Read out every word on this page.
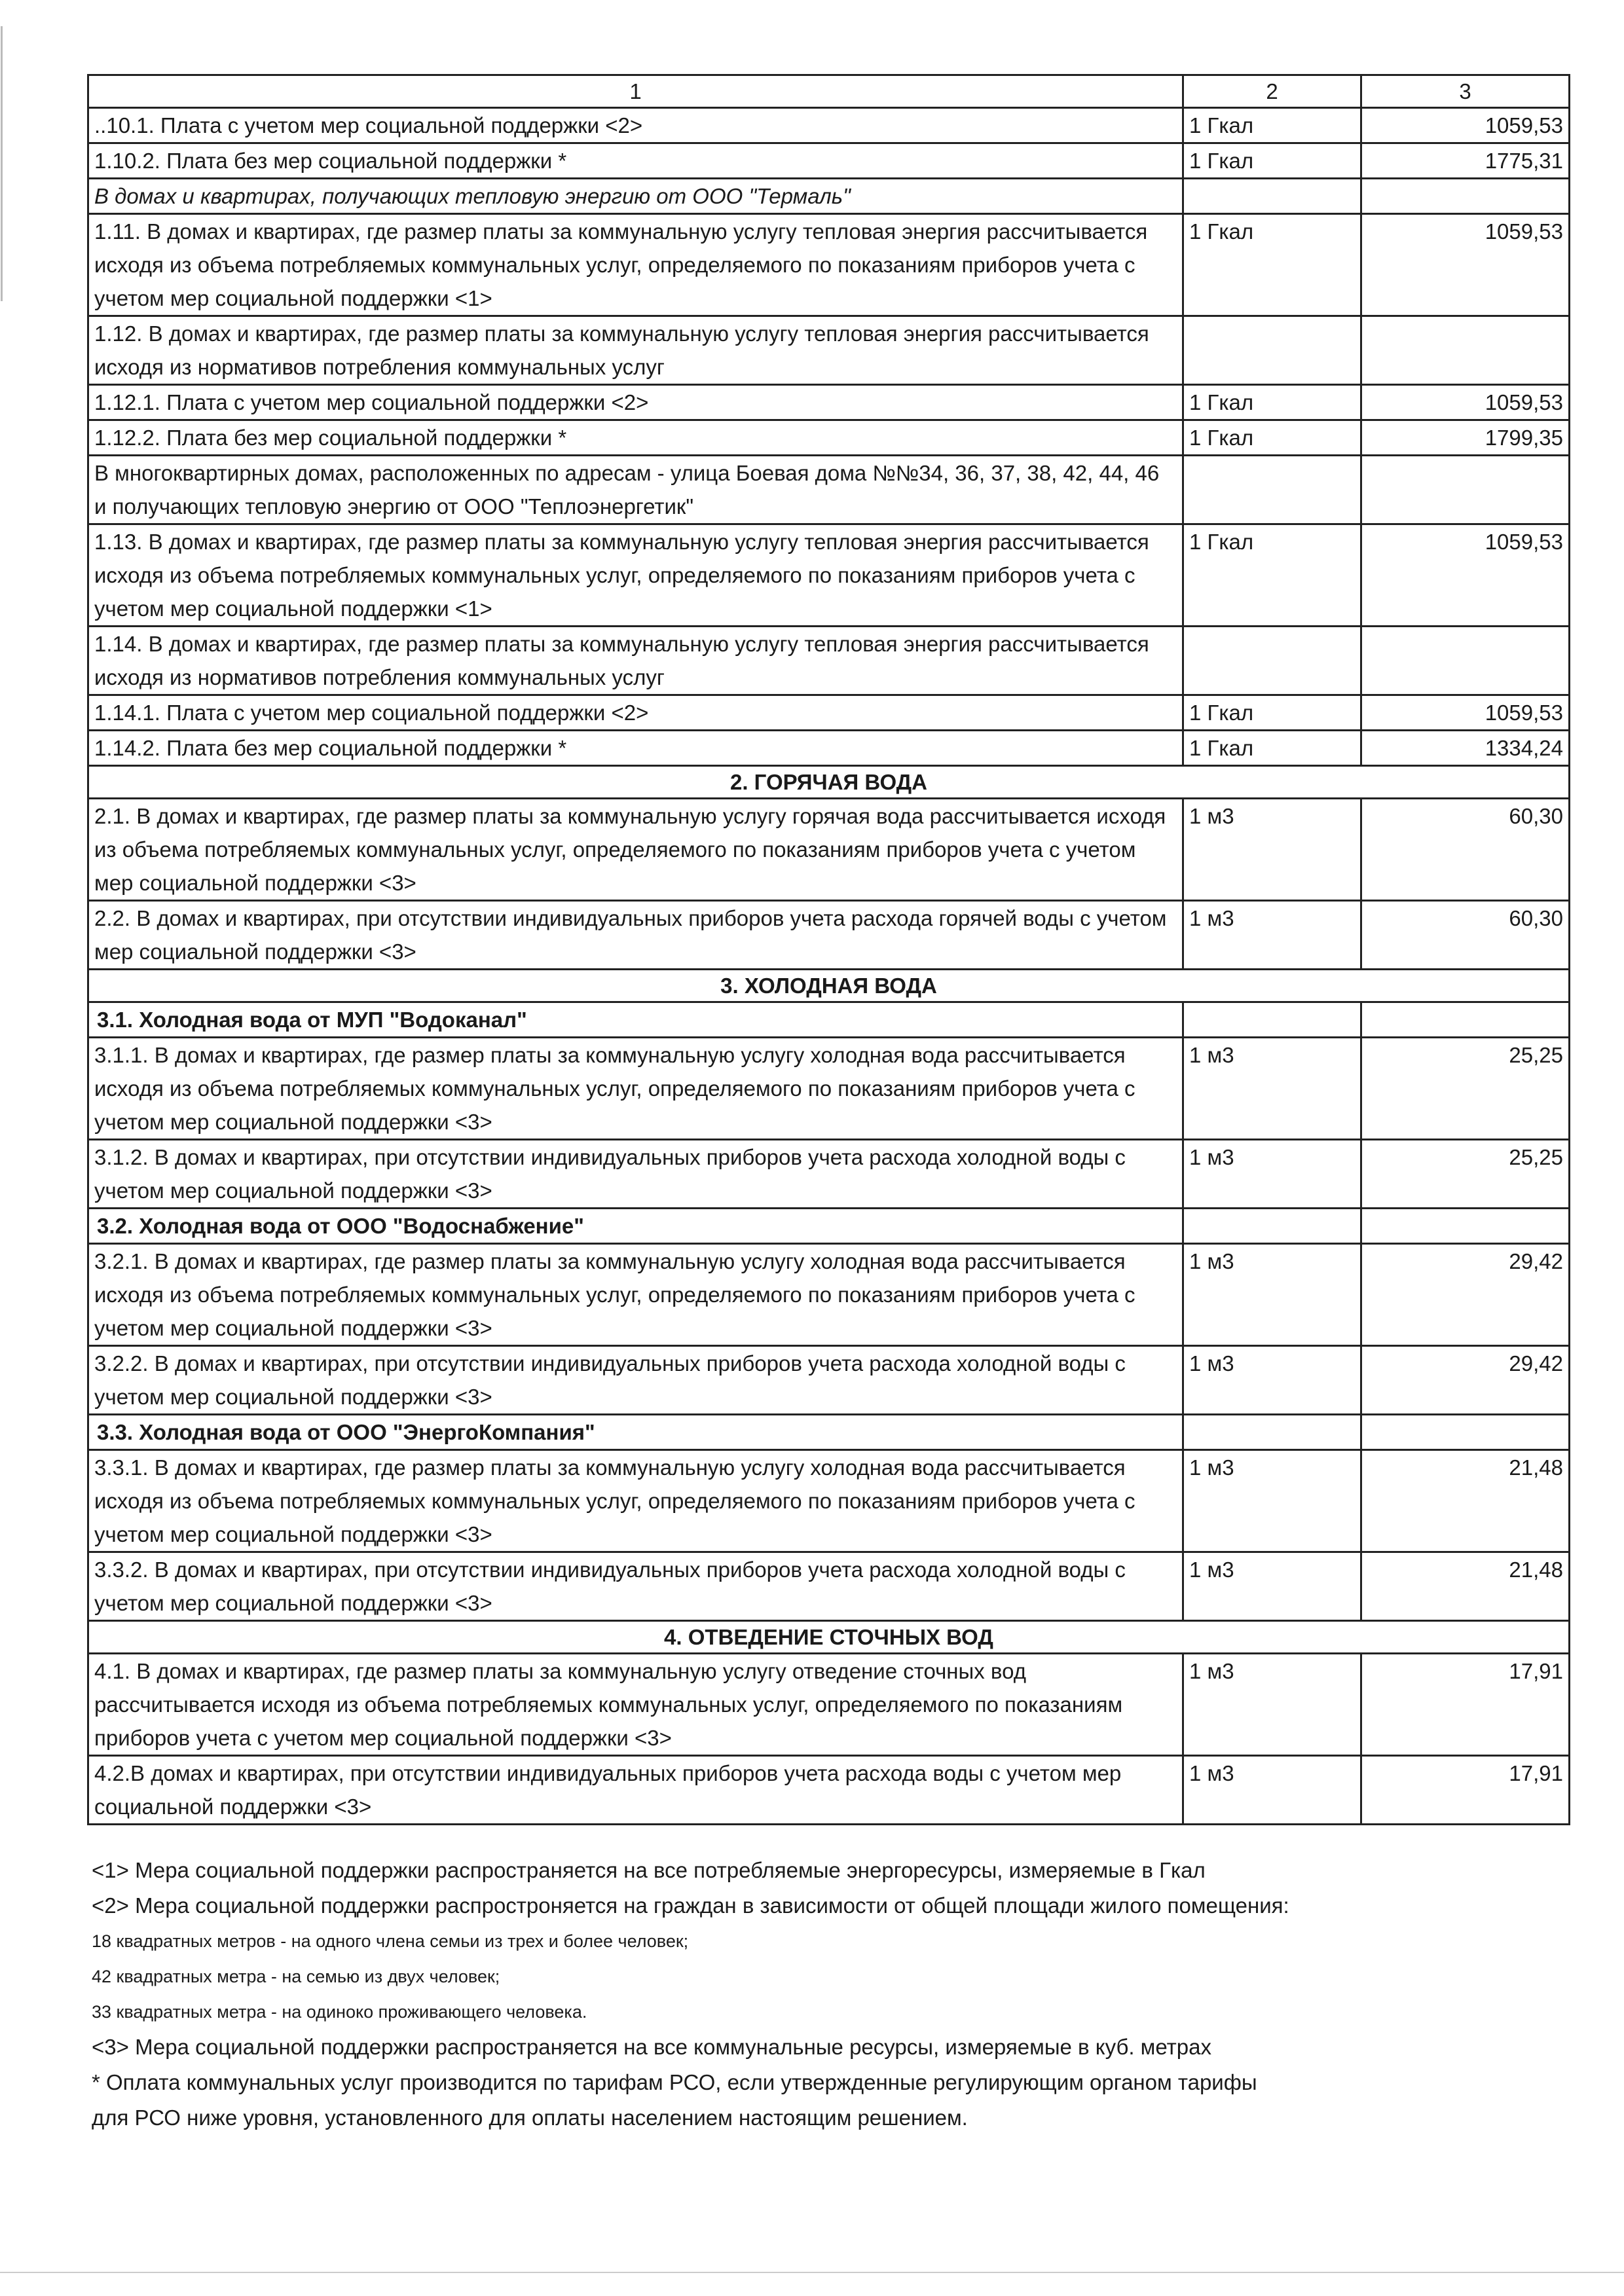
1	2	3
..10.1. Плата с учетом мер социальной поддержки <2>	1 Гкал	1059,53
1.10.2. Плата без мер социальной поддержки *	1 Гкал	1775,31
В домах и квартирах, получающих тепловую энергию от ООО "Термаль"		
1.11. В домах и квартирах, где размер платы за коммунальную услугу тепловая энергия рассчитывается исходя из объема потребляемых коммунальных услуг, определяемого по показаниям приборов учета с учетом мер социальной поддержки <1>	1 Гкал	1059,53
1.12. В домах и квартирах, где размер платы за коммунальную услугу тепловая энергия рассчитывается исходя из нормативов потребления коммунальных услуг		
1.12.1. Плата с учетом мер социальной поддержки <2>	1 Гкал	1059,53
1.12.2. Плата без мер социальной поддержки *	1 Гкал	1799,35
В многоквартирных домах, расположенных по адресам - улица Боевая дома №№34, 36, 37, 38, 42, 44, 46 и получающих тепловую энергию от ООО "Теплоэнергетик"		
1.13. В домах и квартирах, где размер платы за коммунальную услугу тепловая энергия рассчитывается исходя из объема потребляемых коммунальных услуг, определяемого по показаниям приборов учета с учетом мер социальной поддержки <1>	1 Гкал	1059,53
1.14. В домах и квартирах, где размер платы за коммунальную услугу тепловая энергия рассчитывается исходя из нормативов потребления коммунальных услуг		
1.14.1. Плата с учетом мер социальной поддержки <2>	1 Гкал	1059,53
1.14.2. Плата без мер социальной поддержки *	1 Гкал	1334,24
2. ГОРЯЧАЯ ВОДА		
2.1. В домах и квартирах, где размер платы за коммунальную услугу горячая вода рассчитывается исходя из объема потребляемых коммунальных услуг, определяемого по показаниям приборов учета с учетом мер социальной поддержки <3>	1 м3	60,30
2.2. В домах и квартирах, при отсутствии индивидуальных приборов учета расхода горячей воды с учетом мер социальной поддержки <3>	1 м3	60,30
3. ХОЛОДНАЯ ВОДА		
3.1. Холодная вода от МУП "Водоканал"		
3.1.1. В домах и квартирах, где размер платы за коммунальную услугу холодная вода рассчитывается исходя из объема потребляемых коммунальных услуг, определяемого по показаниям приборов учета с учетом мер социальной поддержки <3>	1 м3	25,25
3.1.2. В домах и квартирах, при отсутствии индивидуальных приборов учета расхода холодной воды с учетом мер социальной поддержки <3>	1 м3	25,25
3.2. Холодная вода от ООО "Водоснабжение"		
3.2.1. В домах и квартирах, где размер платы за коммунальную услугу холодная вода рассчитывается исходя из объема потребляемых коммунальных услуг, определяемого по показаниям приборов учета с учетом мер социальной поддержки <3>	1 м3	29,42
3.2.2. В домах и квартирах, при отсутствии индивидуальных приборов учета расхода холодной воды с учетом мер социальной поддержки <3>	1 м3	29,42
3.3. Холодная вода от ООО "ЭнергоКомпания"		
3.3.1. В домах и квартирах, где размер платы за коммунальную услугу холодная вода рассчитывается исходя из объема потребляемых коммунальных услуг, определяемого по показаниям приборов учета с учетом мер социальной поддержки <3>	1 м3	21,48
3.3.2. В домах и квартирах, при отсутствии индивидуальных приборов учета расхода холодной воды с учетом мер социальной поддержки <3>	1 м3	21,48
4. ОТВЕДЕНИЕ СТОЧНЫХ ВОД		
4.1. В домах и квартирах, где размер платы за коммунальную услугу отведение сточных вод рассчитывается исходя из объема потребляемых коммунальных услуг, определяемого по показаниям приборов учета с учетом мер социальной поддержки <3>	1 м3	17,91
4.2.В домах и квартирах, при отсутствии индивидуальных приборов учета расхода воды с учетом мер социальной поддержки <3>	1 м3	17,91
<1> Мера социальной поддержки распространяется на все потребляемые энергоресурсы, измеряемые в Гкал
<2> Мера социальной поддержки распростроняется на граждан в зависимости от общей площади жилого помещения:
18 квадратных метров - на одного члена семьи из трех и более человек;
42 квадратных метра - на семью из двух человек;
33 квадратных метра - на одиноко проживающего человека.
<3> Мера социальной поддержки распространяется на все коммунальные ресурсы, измеряемые в куб. метрах
* Оплата коммунальных услуг производится по тарифам РСО, если утвержденные регулирующим органом тарифы
для РСО ниже уровня, установленного для оплаты населением настоящим решением.
